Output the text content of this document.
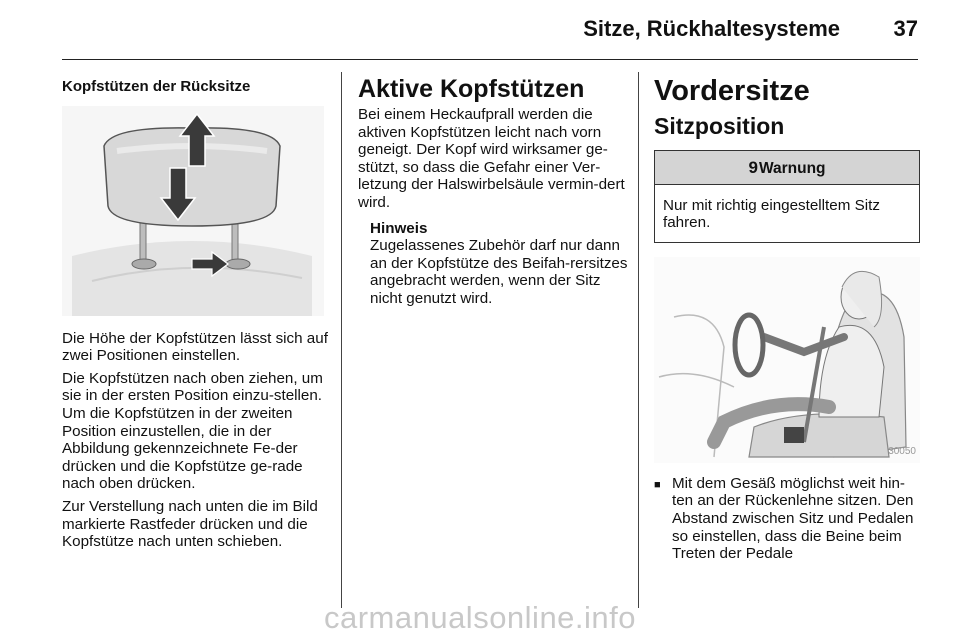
Sitze, Rückhaltesysteme 37
Kopfstützen der Rücksitze

Die Höhe der Kopfstützen lässt sich auf zwei Positionen einstellen.

Die Kopfstützen nach oben ziehen, um sie in der ersten Position einzu-stellen. Um die Kopfstützen in der zweiten Position einzustellen, die in der Abbildung gekennzeichnete Fe-der drücken und die Kopfstütze ge-rade nach oben drücken.

Zur Verstellung nach unten die im Bild markierte Rastfeder drücken und die Kopfstütze nach unten schieben.

Aktive Kopfstützen

Bei einem Heckaufprall werden die aktiven Kopfstützen leicht nach vorn geneigt. Der Kopf wird wirksamer ge-stützt, so dass die Gefahr einer Ver-letzung der Halswirbelsäule vermin-dert wird.

Hinweis
Zugelassenes Zubehör darf nur dann an der Kopfstütze des Beifah-rersitzes angebracht werden, wenn der Sitz nicht genutzt wird.
Vordersitze
Sitzposition
9Warnung
Nur mit richtig eingestelltem Sitz fahren.
30050
■ Mit dem Gesäß möglichst weit hin-ten an der Rückenlehne sitzen. Den Abstand zwischen Sitz und Pedalen so einstellen, dass die Beine beim Treten der Pedale
carmanualsonline.info
